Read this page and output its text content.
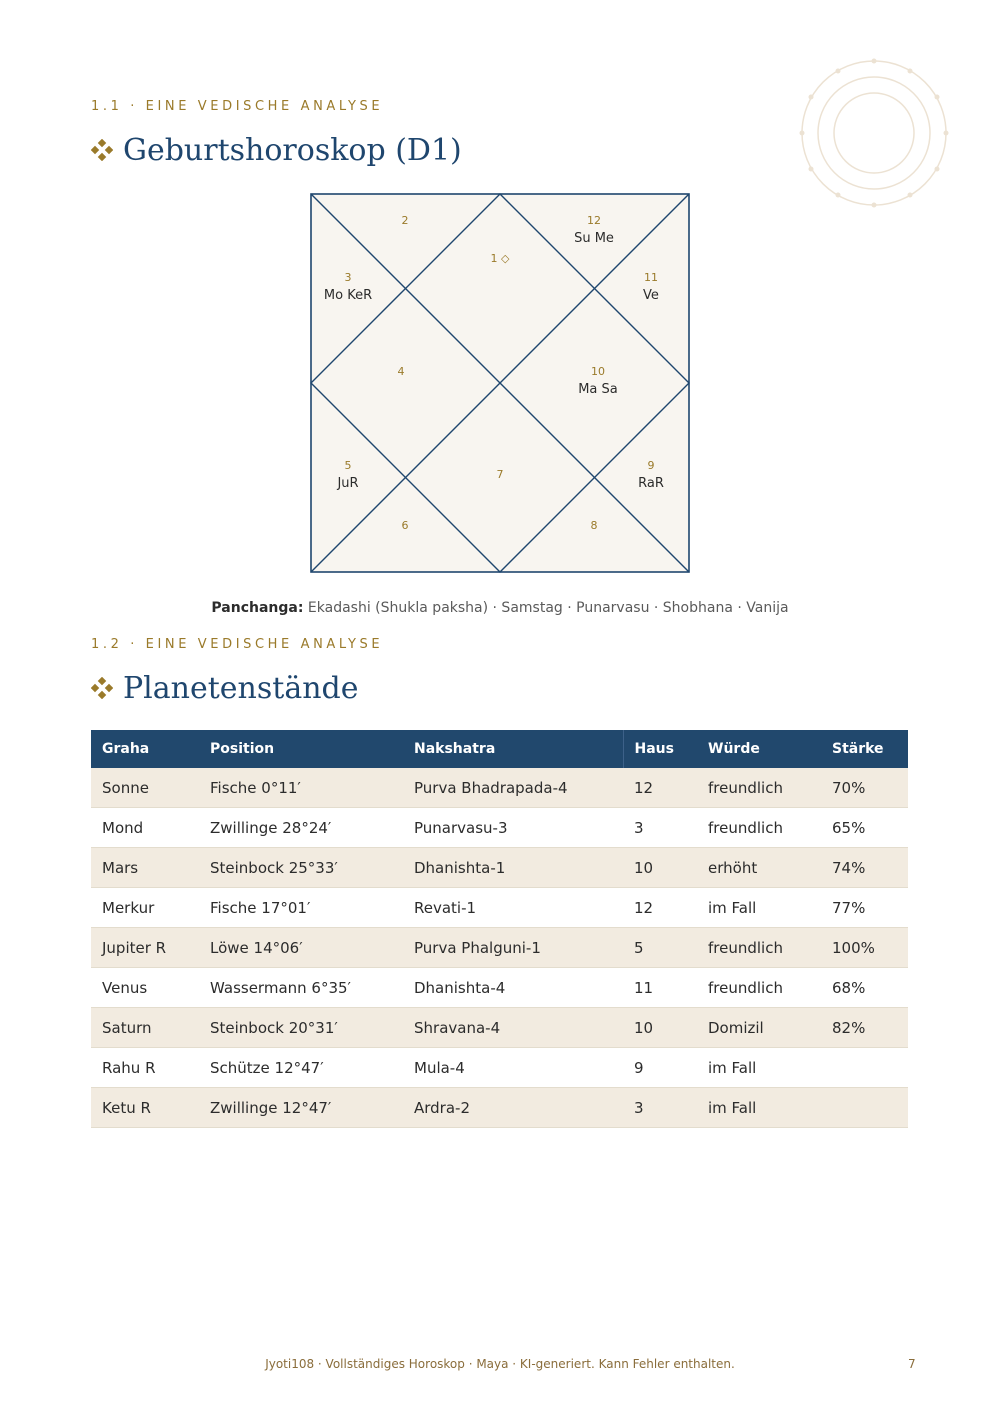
1.1 · EINE VEDISCHE ANALYSE

Geburtshoroskop (D1)
1 ◇
2
3
Mo KeR
4
5
JuR
6
7
8
9
RaR
10
Ma Sa
11
Ve
12
Su Me
Panchanga: Ekadashi (Shukla paksha) · Samstag · Punarvasu · Shobhana · Vanija

1.2 · EINE VEDISCHE ANALYSE

Planetenstände
Graha	Position	Nakshatra	Haus	Würde	Stärke
Sonne	Fische 0°11′	Purva Bhadrapada-4	12	freundlich	70%
Mond	Zwillinge 28°24′	Punarvasu-3	3	freundlich	65%
Mars	Steinbock 25°33′	Dhanishta-1	10	erhöht	74%
Merkur	Fische 17°01′	Revati-1	12	im Fall	77%
Jupiter R	Löwe 14°06′	Purva Phalguni-1	5	freundlich	100%
Venus	Wassermann 6°35′	Dhanishta-4	11	freundlich	68%
Saturn	Steinbock 20°31′	Shravana-4	10	Domizil	82%
Rahu R	Schütze 12°47′	Mula-4	9	im Fall	
Ketu R	Zwillinge 12°47′	Ardra-2	3	im Fall	
Jyoti108 · Vollständiges Horoskop · Maya · KI-generiert. Kann Fehler enthalten.	7
